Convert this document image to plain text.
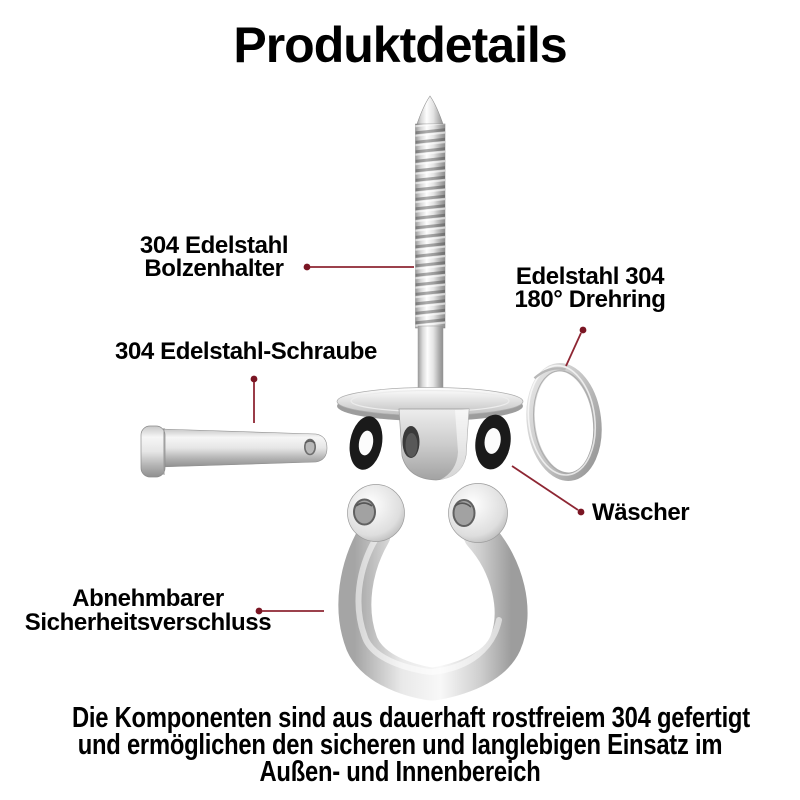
Produktdetails
304 Edelstahl
Bolzenhalter	Edelstahl 304
180° Drehring
304 Edelstahl-Schraube
Wäscher
Abnehmbarer
Sicherheitsverschluss
Die Komponenten sind aus dauerhaft rostfreiem 304 gefertigt
und ermöglichen den sicheren und langlebigen Einsatz im
Außen- und Innenbereich
